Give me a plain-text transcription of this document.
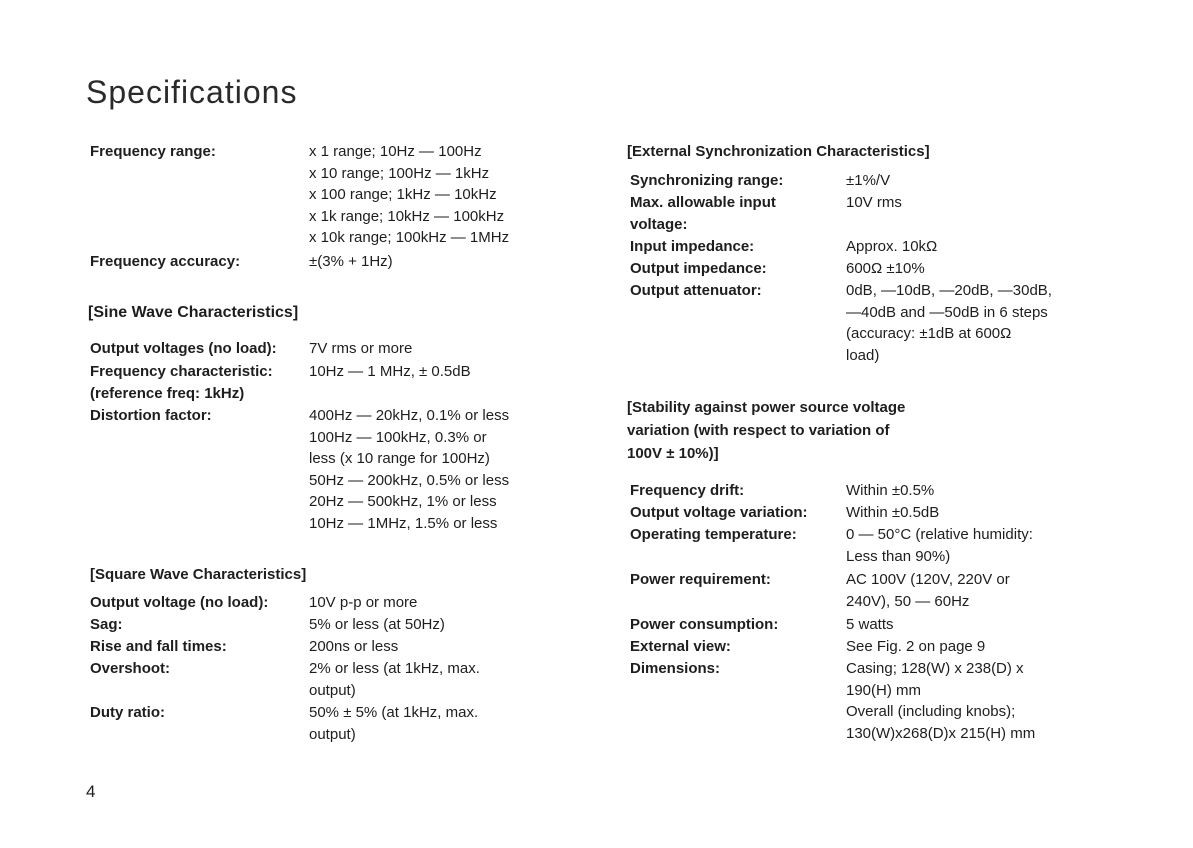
Specifications
Frequency range:	x 1 range; 10Hz — 100Hz
x 10 range; 100Hz — 1kHz
x 100 range; 1kHz — 10kHz
x 1k range; 10kHz — 100kHz
x 10k range; 100kHz — 1MHz
Frequency accuracy:	±(3% + 1Hz)
[Sine Wave Characteristics]
Output voltages (no load): 7V rms or more
Frequency characteristic: 10Hz — 1 MHz, ± 0.5dB
(reference freq: 1kHz)
Distortion factor:	400Hz — 20kHz, 0.1% or less
100Hz — 100kHz, 0.3% or
less (x 10 range for 100Hz)
50Hz — 200kHz, 0.5% or less
20Hz — 500kHz, 1% or less
10Hz — 1MHz, 1.5% or less
[Square Wave Characteristics]
Output voltage (no load):	10V p-p or more
Sag:	5% or less (at 50Hz)
Rise and fall times:	200ns or less
Overshoot:	2% or less (at 1kHz, max.
output)
Duty ratio:	50% ± 5% (at 1kHz, max.
output)
[External Synchronization Characteristics]
Synchronizing range:	±1%/V
Max. allowable input
voltage:
10V rms
Input impedance:	Approx. 10kΩ
Output impedance:	600Ω ±10%
Output attenuator:	0dB, —10dB, —20dB, —30dB,
—40dB and —50dB in 6 steps
(accuracy: ±1dB at 600Ω
load)
[Stability against power source voltage
variation (with respect to variation of
100V ± 10%)]
Frequency drift:	Within ±0.5%
Output voltage variation:	Within ±0.5dB
Operating temperature:	0 — 50°C (relative humidity:
Less than 90%)
Power requirement:	AC 100V (120V, 220V or
240V), 50 — 60Hz
Power consumption:	5 watts
External view:	See Fig. 2 on page 9
Dimensions:	Casing; 128(W) x 238(D) x
190(H) mm
Overall (including knobs);
130(W)x268(D)x 215(H) mm
4
